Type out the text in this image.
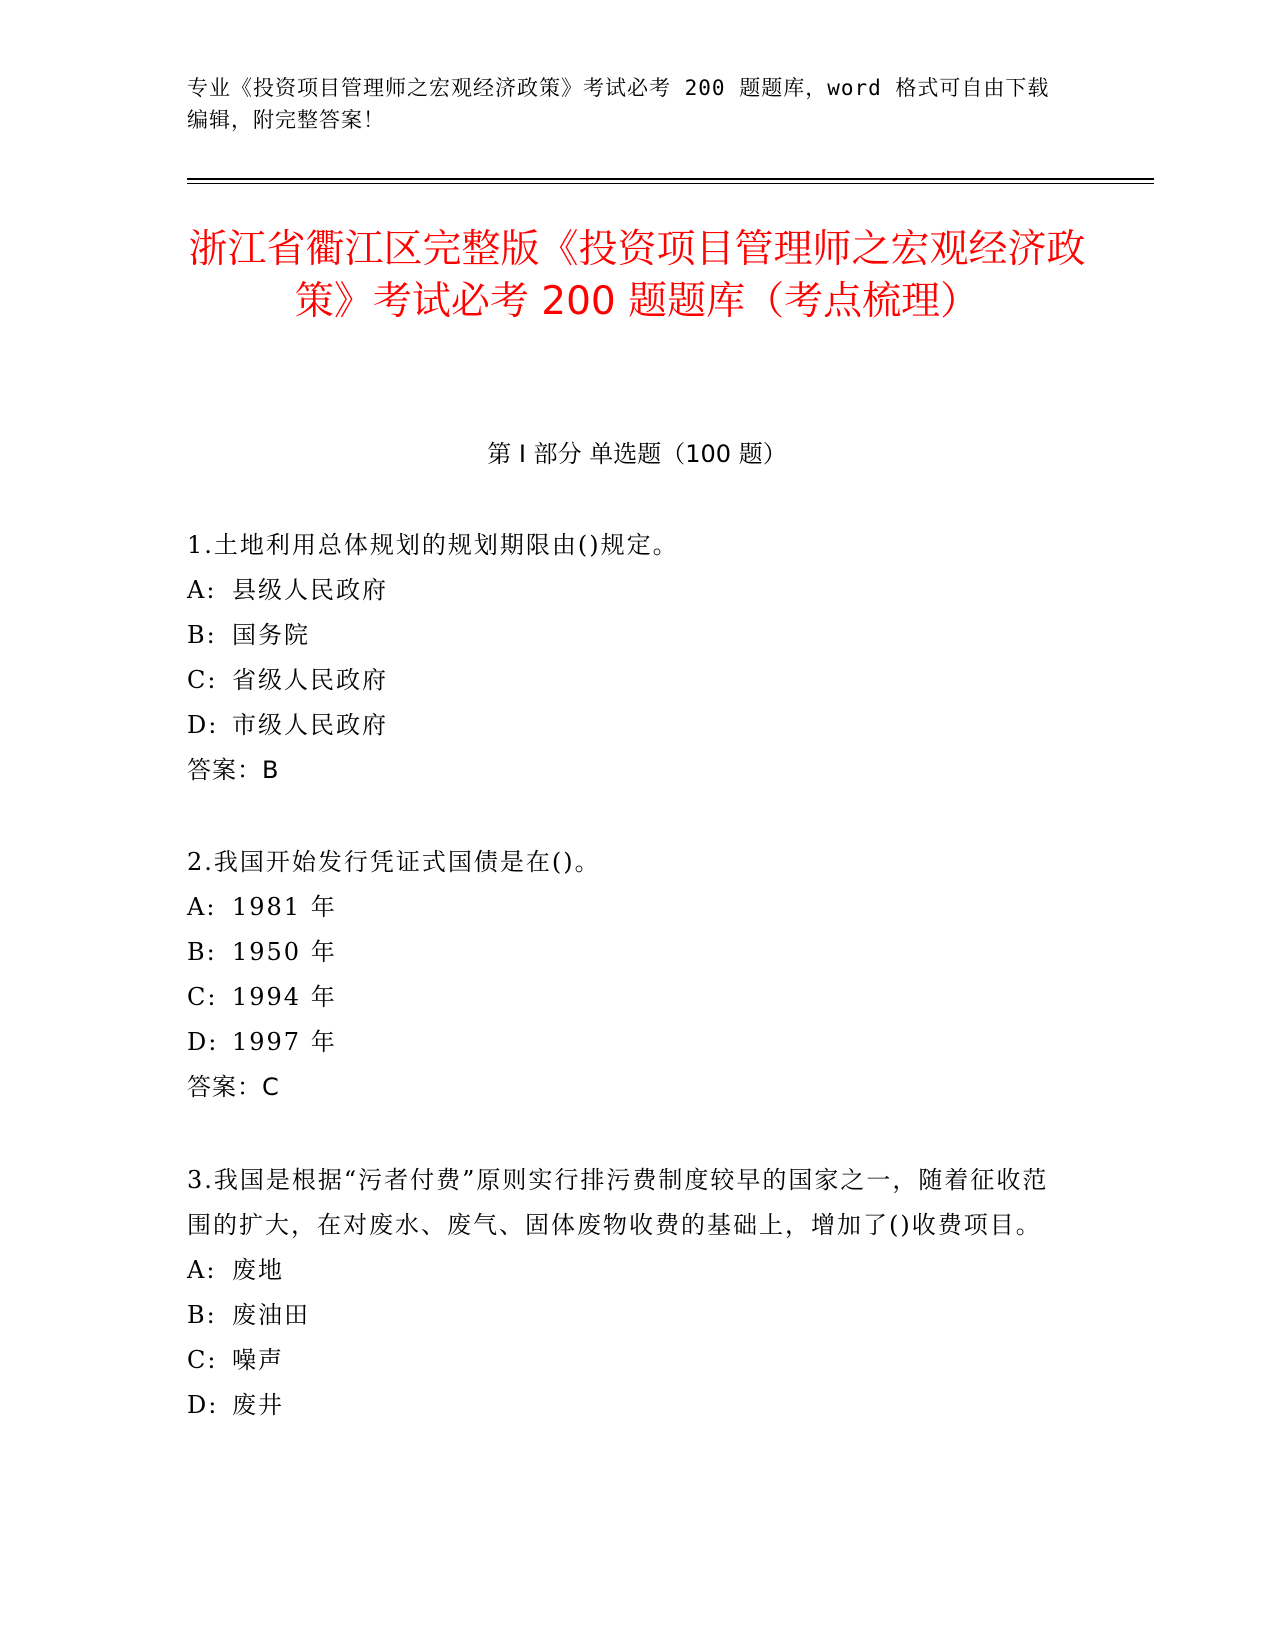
专业《投资项目管理师之宏观经济政策》考试必考 200 题题库，word 格式可自由下载编辑，附完整答案！
浙江省衢江区完整版《投资项目管理师之宏观经济政策》考试必考 200 题题库（考点梳理）
第 I 部分 单选题（100 题）
1.土地利用总体规划的规划期限由()规定。
A: 县级人民政府
B: 国务院
C: 省级人民政府
D: 市级人民政府
答案：B
2.我国开始发行凭证式国债是在()。
A: 1981 年
B: 1950 年
C: 1994 年
D: 1997 年
答案：C
3.我国是根据“污者付费”原则实行排污费制度较早的国家之一，随着征收范围的扩大，在对废水、废气、固体废物收费的基础上，增加了()收费项目。
A: 废地
B: 废油田
C: 噪声
D: 废井
